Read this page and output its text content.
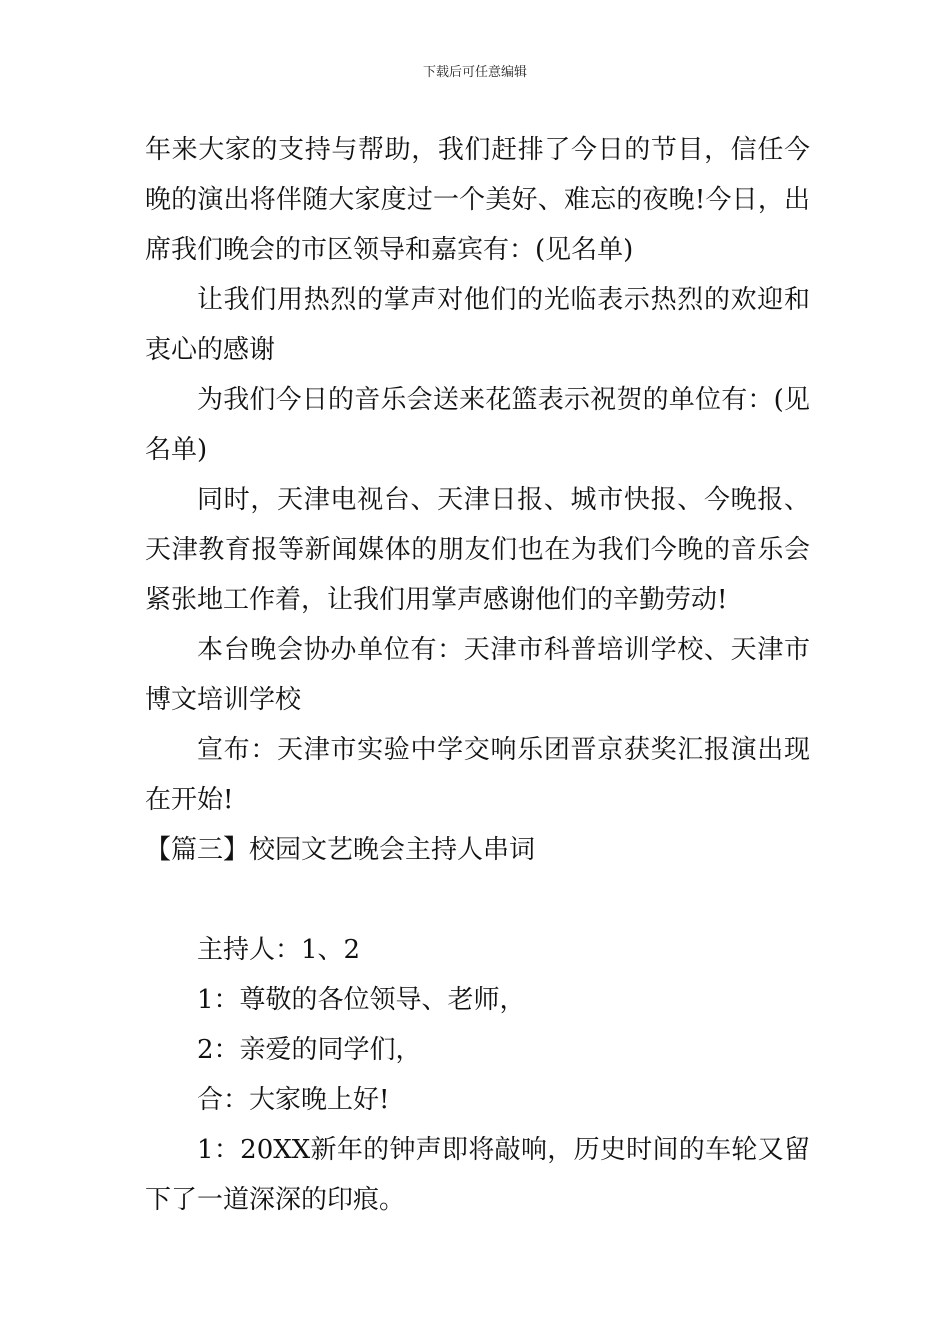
下载后可任意编辑

年来大家的支持与帮助，我们赶排了今日的节目，信任今晚的演出将伴随大家度过一个美好、难忘的夜晚!今日，出席我们晚会的市区领导和嘉宾有：(见名单)

让我们用热烈的掌声对他们的光临表示热烈的欢迎和衷心的感谢

为我们今日的音乐会送来花篮表示祝贺的单位有：(见名单)

同时，天津电视台、天津日报、城市快报、今晚报、天津教育报等新闻媒体的朋友们也在为我们今晚的音乐会紧张地工作着，让我们用掌声感谢他们的辛勤劳动!

本台晚会协办单位有：天津市科普培训学校、天津市博文培训学校

宣布：天津市实验中学交响乐团晋京获奖汇报演出现在开始!

【篇三】校园文艺晚会主持人串词

主持人：1、2

1：尊敬的各位领导、老师，

2：亲爱的同学们，

合：大家晚上好!

1：20XX新年的钟声即将敲响，历史时间的车轮又留下了一道深深的印痕。
